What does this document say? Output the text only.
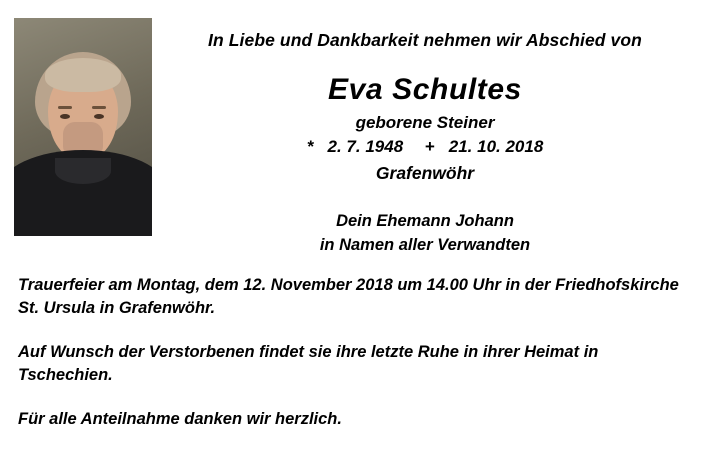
In Liebe und Dankbarkeit nehmen wir Abschied von
Eva Schultes
geborene Steiner
* 2. 7. 1948 + 21. 10. 2018
Grafenwöhr
Dein Ehemann Johann
in Namen aller Verwandten

Trauerfeier am Montag, dem 12. November 2018 um 14.00 Uhr in der Friedhofskirche St. Ursula in Grafenwöhr.

Auf Wunsch der Verstorbenen findet sie ihre letzte Ruhe in ihrer Heimat in Tschechien.

Für alle Anteilnahme danken wir herzlich.
